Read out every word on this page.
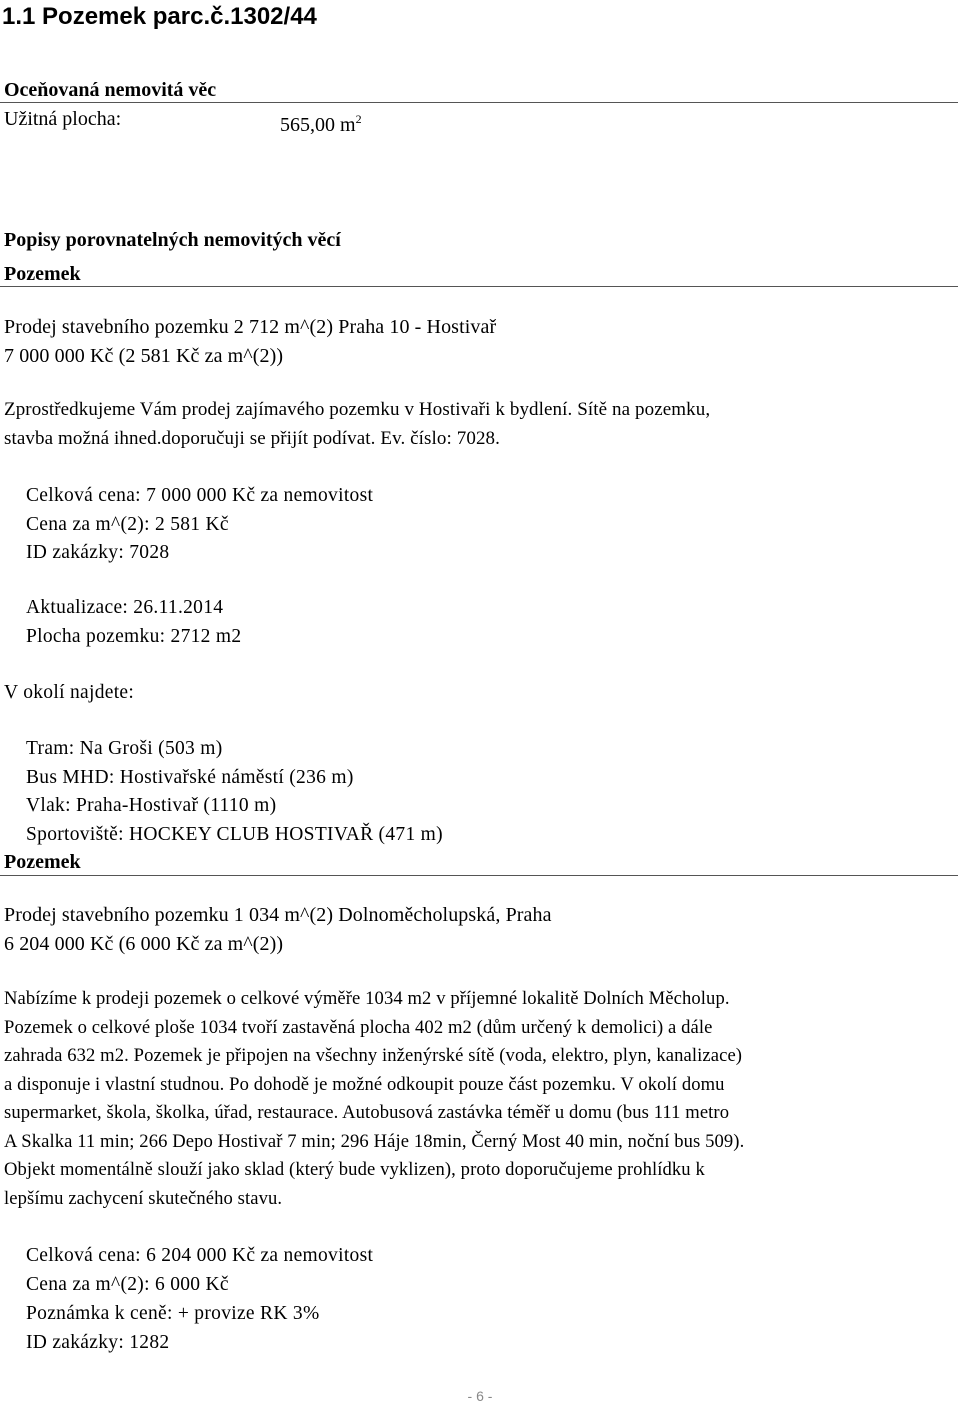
1.1 Pozemek parc.č.1302/44
Oceňovaná nemovitá věc
Užitná plocha:	565,00 $m^2$
Popisy porovnatelných nemovitých věcí
Pozemek
Prodej stavebního pozemku 2 712 m^(2) Praha 10 - Hostivař
7 000 000 Kč (2 581 Kč za m^(2))
Zprostředkujeme Vám prodej zajímavého pozemku v Hostivaři k bydlení. Sítě na pozemku,
stavba možná ihned.doporučuji se přijít podívat. Ev. číslo: 7028.
Celková cena: 7 000 000 Kč za nemovitost
Cena za m^(2): 2 581 Kč
ID zakázky: 7028
Aktualizace: 26.11.2014
Plocha pozemku: 2712 m2
V okolí najdete:
Tram: Na Groši (503 m)
Bus MHD: Hostivařské náměstí (236 m)
Vlak: Praha-Hostivař (1110 m)
Sportoviště: HOCKEY CLUB HOSTIVAŘ (471 m)
Pozemek
Prodej stavebního pozemku 1 034 m^(2) Dolnoměcholupská, Praha
6 204 000 Kč (6 000 Kč za m^(2))
Nabízíme k prodeji pozemek o celkové výměře 1034 m2 v příjemné lokalitě Dolních Měcholup.
Pozemek o celkové ploše 1034 tvoří zastavěná plocha 402 m2 (dům určený k demolici) a dále
zahrada 632 m2. Pozemek je připojen na všechny inženýrské sítě (voda, elektro, plyn, kanalizace)
a disponuje i vlastní studnou. Po dohodě je možné odkoupit pouze část pozemku. V okolí domu
supermarket, škola, školka, úřad, restaurace. Autobusová zastávka téměř u domu (bus 111 metro
A Skalka 11 min; 266 Depo Hostivař 7 min; 296 Háje 18min, Černý Most 40 min, noční bus 509).
Objekt momentálně slouží jako sklad (který bude vyklizen), proto doporučujeme prohlídku k
lepšímu zachycení skutečného stavu.
Celková cena: 6 204 000 Kč za nemovitost
Cena za m^(2): 6 000 Kč
Poznámka k ceně: + provize RK 3%
ID zakázky: 1282
- 6 -
